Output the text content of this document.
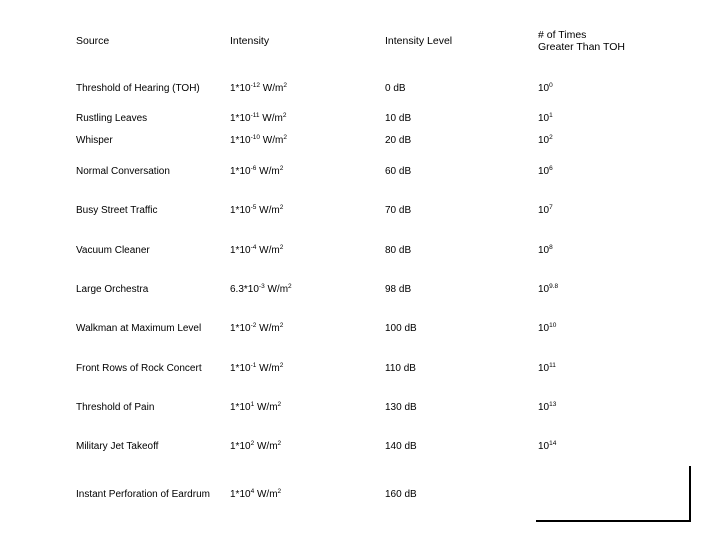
Source	Intensity	Intensity Level	# of Times
Greater Than TOH
Threshold of Hearing (TOH)	$1*10^{-12}$ $W/m^2$	0 dB	$10^0$
Rustling Leaves	$1*10^{-11}$ $W/m^2$	10 dB	$10^1$
Whisper	$1*10^{-10}$ $W/m^2$	20 dB	$10^2$
Normal Conversation	$1*10^{-6}$ $W/m^2$	60 dB	$10^6$
Busy Street Traffic	$1*10^{-5}$ $W/m^2$	70 dB	$10^7$
Vacuum Cleaner	$1*10^{-4}$ $W/m^2$	80 dB	$10^8$
Large Orchestra	$6.3*10^{-3}$ $W/m^2$	98 dB	$10^{9.8}$
Walkman at Maximum Level	$1*10^{-2}$ $W/m^2$	100 dB	$10^{10}$
Front Rows of Rock Concert	$1*10^{-1}$ $W/m^2$	110 dB	$10^{11}$
Threshold of Pain	$1*10^1$ $W/m^2$	130 dB	$10^{13}$
Military Jet Takeoff	$1*10^2$ $W/m^2$	140 dB	$10^{14}$
Instant Perforation of Eardrum $1*10^4$ $W/m^2$	160 dB
